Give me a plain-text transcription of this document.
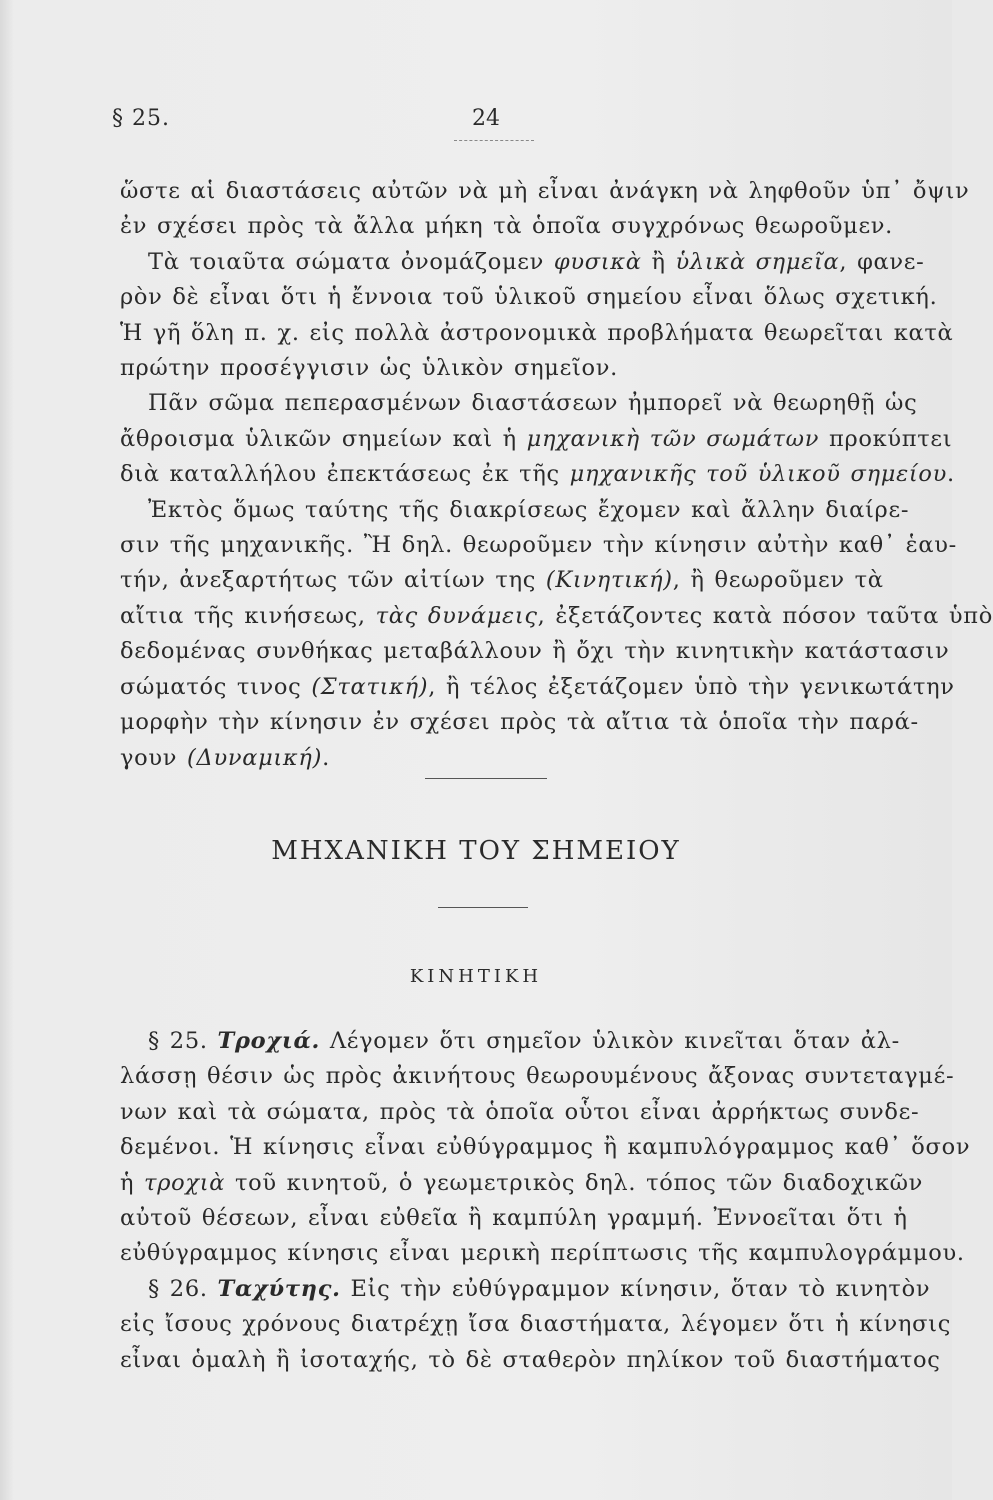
§ 25.	24
ὥστε αἱ διαστάσεις αὐτῶν νὰ μὴ εἶναι ἀνάγκη νὰ ληφθοῦν ὑπ᾽ ὄψιν
ἐν σχέσει πρὸς τὰ ἄλλα μήκη τὰ ὁποῖα συγχρόνως θεωροῦμεν.
Τὰ τοιαῦτα σώματα ὀνομάζομεν φυσικὰ ἢ ὑλικὰ σημεῖα, φανε-
ρὸν δὲ εἶναι ὅτι ἡ ἔννοια τοῦ ὑλικοῦ σημείου εἶναι ὅλως σχετική.
Ἡ γῆ ὅλη π. χ. εἰς πολλὰ ἀστρονομικὰ προβλήματα θεωρεῖται κατὰ
πρώτην προσέγγισιν ὡς ὑλικὸν σημεῖον.
Πᾶν σῶμα πεπερασμένων διαστάσεων ἠμπορεῖ νὰ θεωρηθῇ ὡς
ἄθροισμα ὑλικῶν σημείων καὶ ἡ μηχανικὴ τῶν σωμάτων προκύπτει
διὰ καταλλήλου ἐπεκτάσεως ἐκ τῆς μηχανικῆς τοῦ ὑλικοῦ σημείου.
Ἐκτὸς ὅμως ταύτης τῆς διακρίσεως ἔχομεν καὶ ἄλλην διαίρε-
σιν τῆς μηχανικῆς. Ἢ δηλ. θεωροῦμεν τὴν κίνησιν αὐτὴν καθ᾽ ἑαυ-
τήν, ἀνεξαρτήτως τῶν αἰτίων της (Κινητική), ἢ θεωροῦμεν τὰ
αἴτια τῆς κινήσεως, τὰς δυνάμεις, ἐξετάζοντες κατὰ πόσον ταῦτα ὑπὸ
δεδομένας συνθήκας μεταβάλλουν ἢ ὄχι τὴν κινητικὴν κατάστασιν
σώματός τινος (Στατική), ἢ τέλος ἐξετάζομεν ὑπὸ τὴν γενικωτάτην
μορφὴν τὴν κίνησιν ἐν σχέσει πρὸς τὰ αἴτια τὰ ὁποῖα τὴν παρά-
γουν (Δυναμική).
ΜΗΧΑΝΙΚΗ ΤΟΥ ΣΗΜΕΙΟΥ
ΚΙΝΗΤΙΚΗ
§ 25. Τροχιά. Λέγομεν ὅτι σημεῖον ὑλικὸν κινεῖται ὅταν ἀλ-
λάσσῃ θέσιν ὡς πρὸς ἀκινήτους θεωρουμένους ἄξονας συντεταγμέ-
νων καὶ τὰ σώματα, πρὸς τὰ ὁποῖα οὗτοι εἶναι ἀρρήκτως συνδε-
δεμένοι. Ἡ κίνησις εἶναι εὐθύγραμμος ἢ καμπυλόγραμμος καθ᾽ ὅσον
ἡ τροχιὰ τοῦ κινητοῦ, ὁ γεωμετρικὸς δηλ. τόπος τῶν διαδοχικῶν
αὐτοῦ θέσεων, εἶναι εὐθεῖα ἢ καμπύλη γραμμή. Ἐννοεῖται ὅτι ἡ
εὐθύγραμμος κίνησις εἶναι μερικὴ περίπτωσις τῆς καμπυλογράμμου.
§ 26. Ταχύτης. Εἰς τὴν εὐθύγραμμον κίνησιν, ὅταν τὸ κινητὸν
εἰς ἴσους χρόνους διατρέχῃ ἴσα διαστήματα, λέγομεν ὅτι ἡ κίνησις
εἶναι ὁμαλὴ ἢ ἰσοταχής, τὸ δὲ σταθερὸν πηλίκον τοῦ διαστήματος
